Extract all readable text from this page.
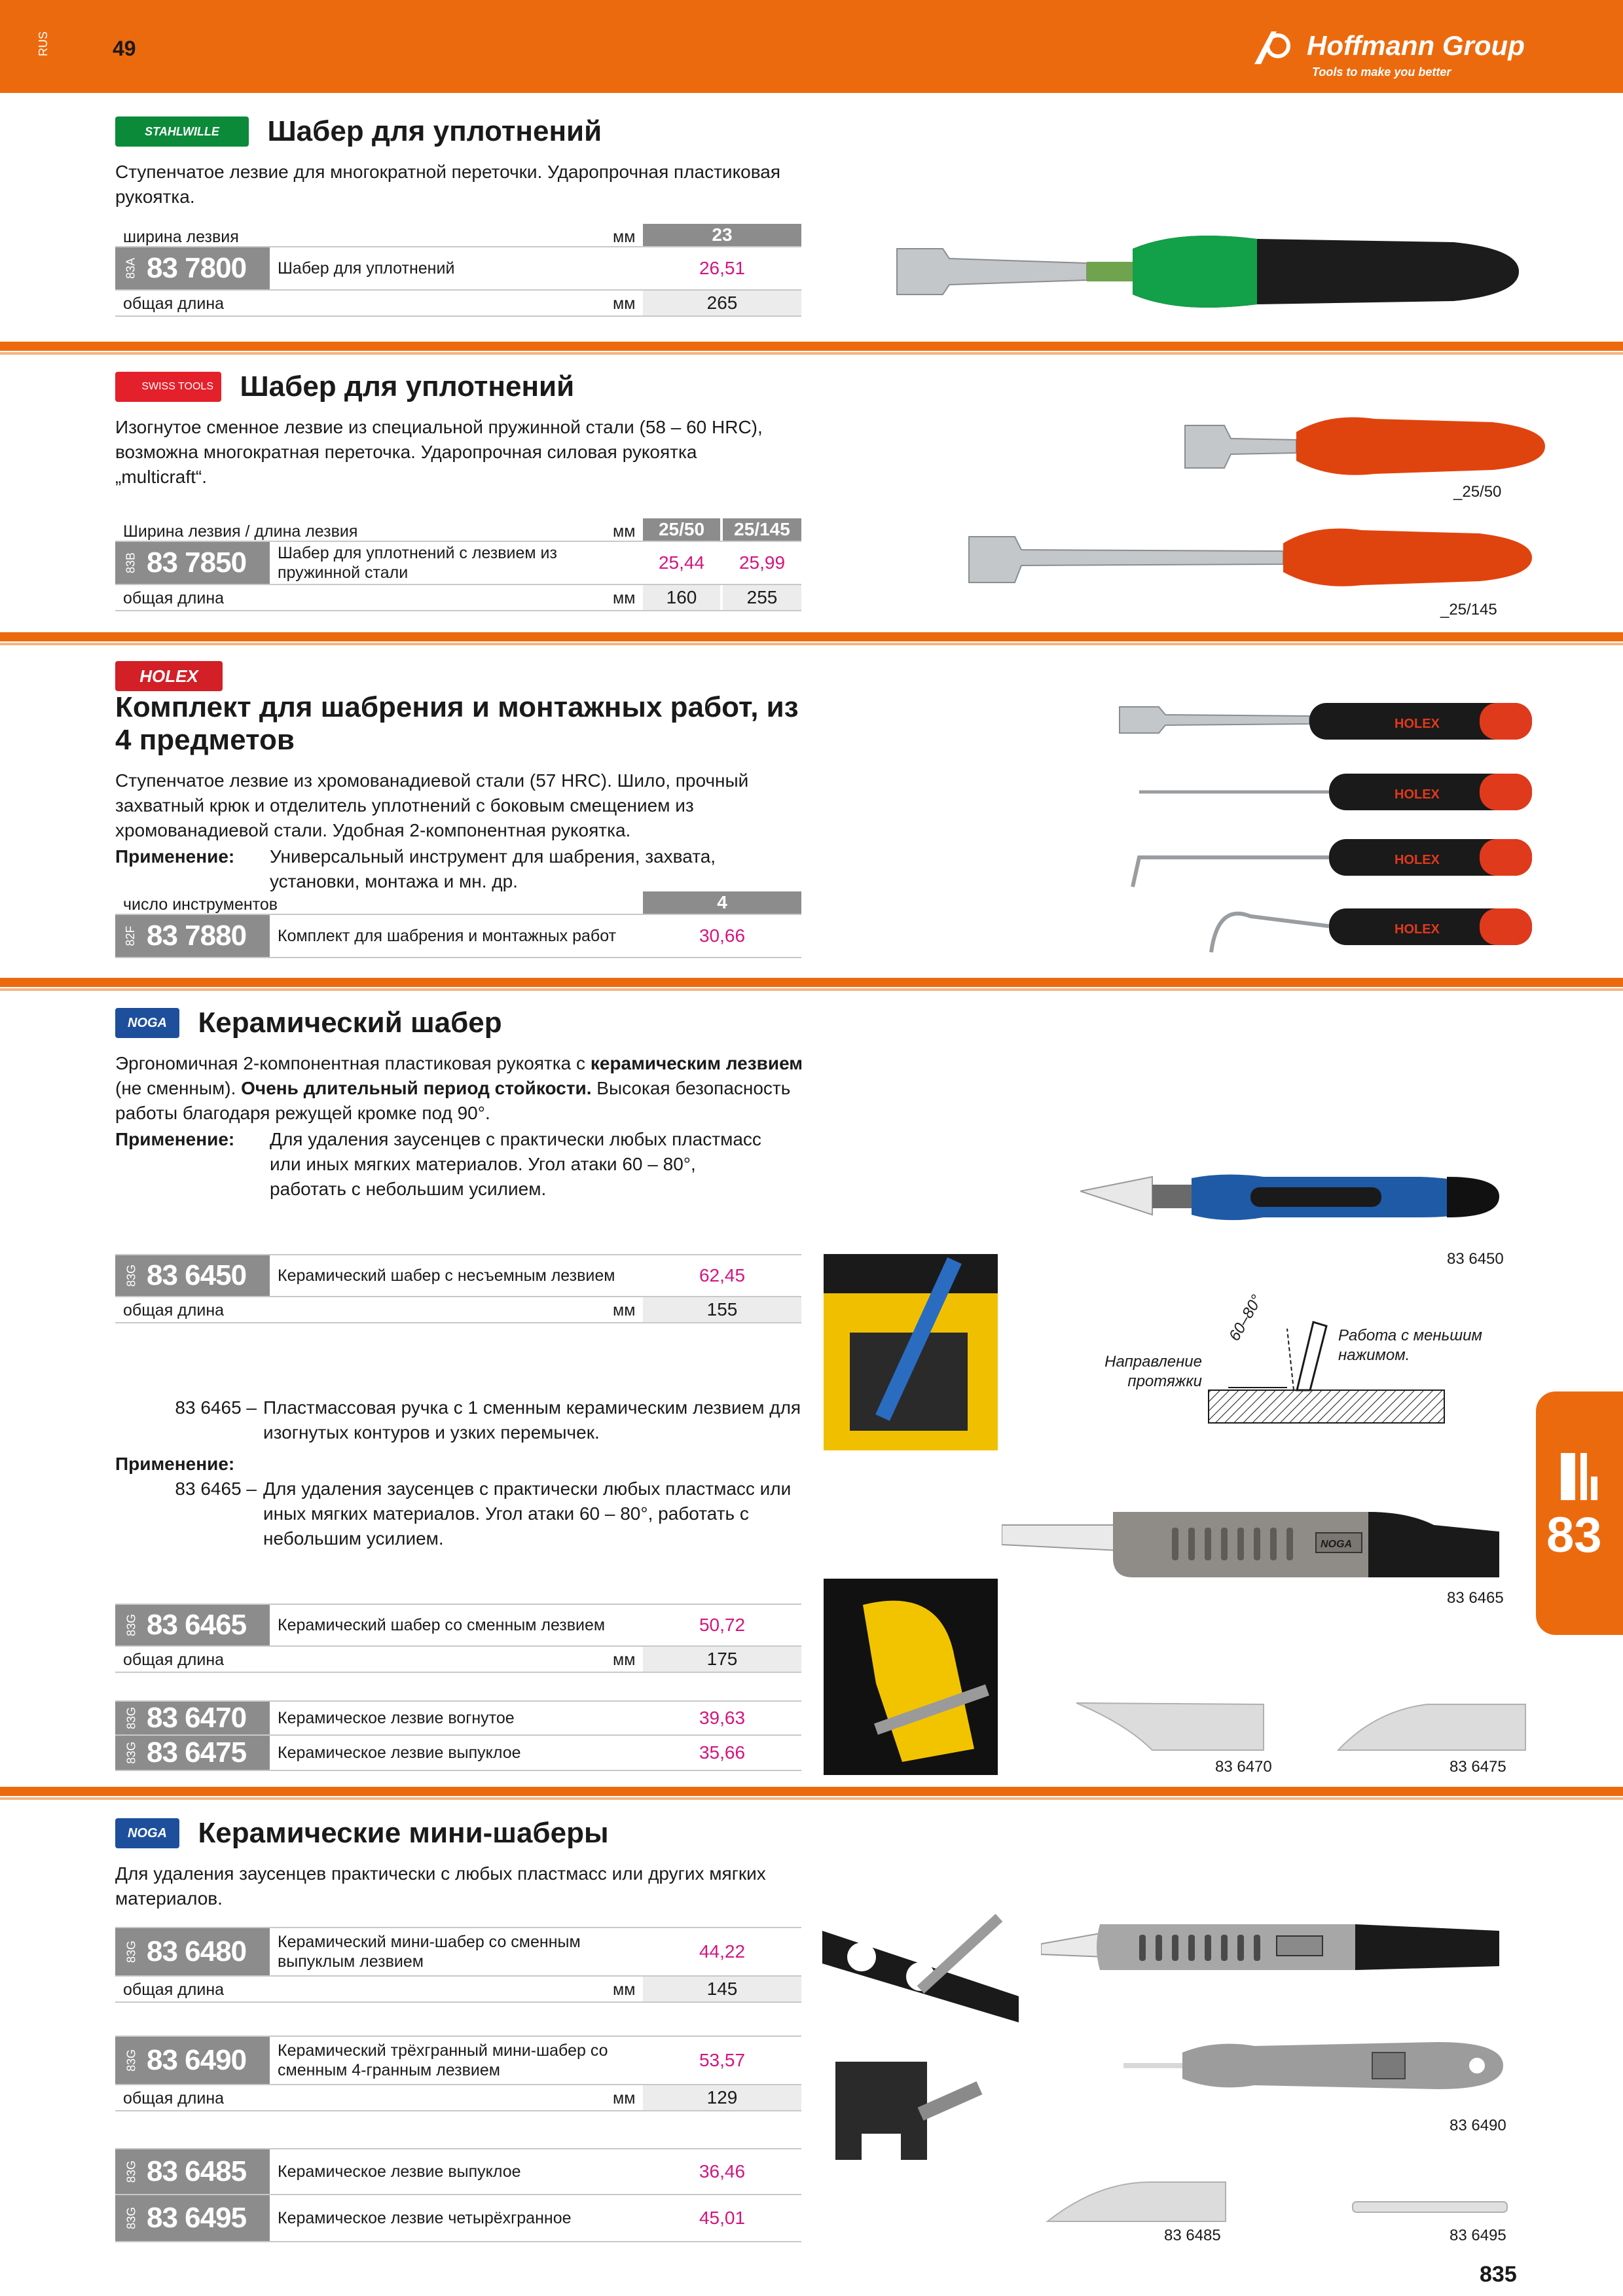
RUS	49	Hoffmann Group
Tools to make you better
STAHLWILLE Шабер для уплотнений
Ступенчатое лезвие для многократной переточки. Ударопрочная пластиковая рукоятка.
ширина лезвия	мм	23
83A 83 7800 Шабер для уплотнений	26,51
общая длина	мм	265
SWISS TOOLS Шабер для уплотнений
Изогнутое сменное лезвие из специальной пружинной стали (58 – 60 HRC), возможна многократная переточка. Ударопрочная силовая рукоятка „multicraft“.
Ширина лезвия / длина лезвия	мм	25/50	25/145
83B 83 7850 Шабер для уплотнений с лезвием из пружинной стали	25,44	25,99
общая длина	мм	160	255
_25/50
_25/145
HOLEX Комплект для шабрения и монтажных работ, из 4 предметов
Ступенчатое лезвие из хромованадиевой стали (57 HRC). Шило, прочный захватный крюк и отделитель уплотнений с боковым смещением из хромованадиевой стали. Удобная 2-компонентная рукоятка.
Применение:	Универсальный инструмент для шабрения, захвата, установки, монтажа и мн. др.
число инструментов	4
82F 83 7880 Комплект для шабрения и монтажных работ	30,66
HOLEX
HOLEX
HOLEX
HOLEX
NOGA Керамический шабер
Эргономичная 2-компонентная пластиковая рукоятка с керамическим лезвием (не сменным). Очень длительный период стойкости. Высокая безопасность работы благодаря режущей кромке под 90°.
Применение:	Для удаления заусенцев с практически любых пластмасс или иных мягких материалов. Угол атаки 60 – 80°, работать с небольшим усилием.
83G 83 6450 Керамический шабер с несъемным лезвием	62,45
общая длина	мм	155
83 6465 – Пластмассовая ручка с 1 сменным керамическим лезвием для изогнутых контуров и узких перемычек.
Применение:
83 6465 – Для удаления заусенцев с практически любых пластмасс или иных мягких материалов. Угол атаки 60 – 80°, работать с небольшим усилием.
83G 83 6465 Керамический шабер со сменным лезвием	50,72
общая длина	мм	175
83G 83 6470 Керамическое лезвие вогнутое	39,63
83G 83 6475 Керамическое лезвие выпуклое	35,66
83 6450
Направление протяжки
60–80°	Работа с меньшим нажимом.
NOGA
83 6465
83 6470	83 6475
NOGA Керамические мини-шаберы
Для удаления заусенцев практически с любых пластмасс или других мягких материалов.
83G 83 6480 Керамический мини-шабер со сменным выпуклым лезвием	44,22
общая длина	мм	145
83G 83 6490 Керамический трёхгранный мини-шабер со сменным 4-гранным лезвием	53,57
общая длина	мм	129
83G 83 6485 Керамическое лезвие выпуклое	36,46
83G 83 6495 Керамическое лезвие четырёхгранное	45,01
83 6490
83 6485	83 6495
83
835
